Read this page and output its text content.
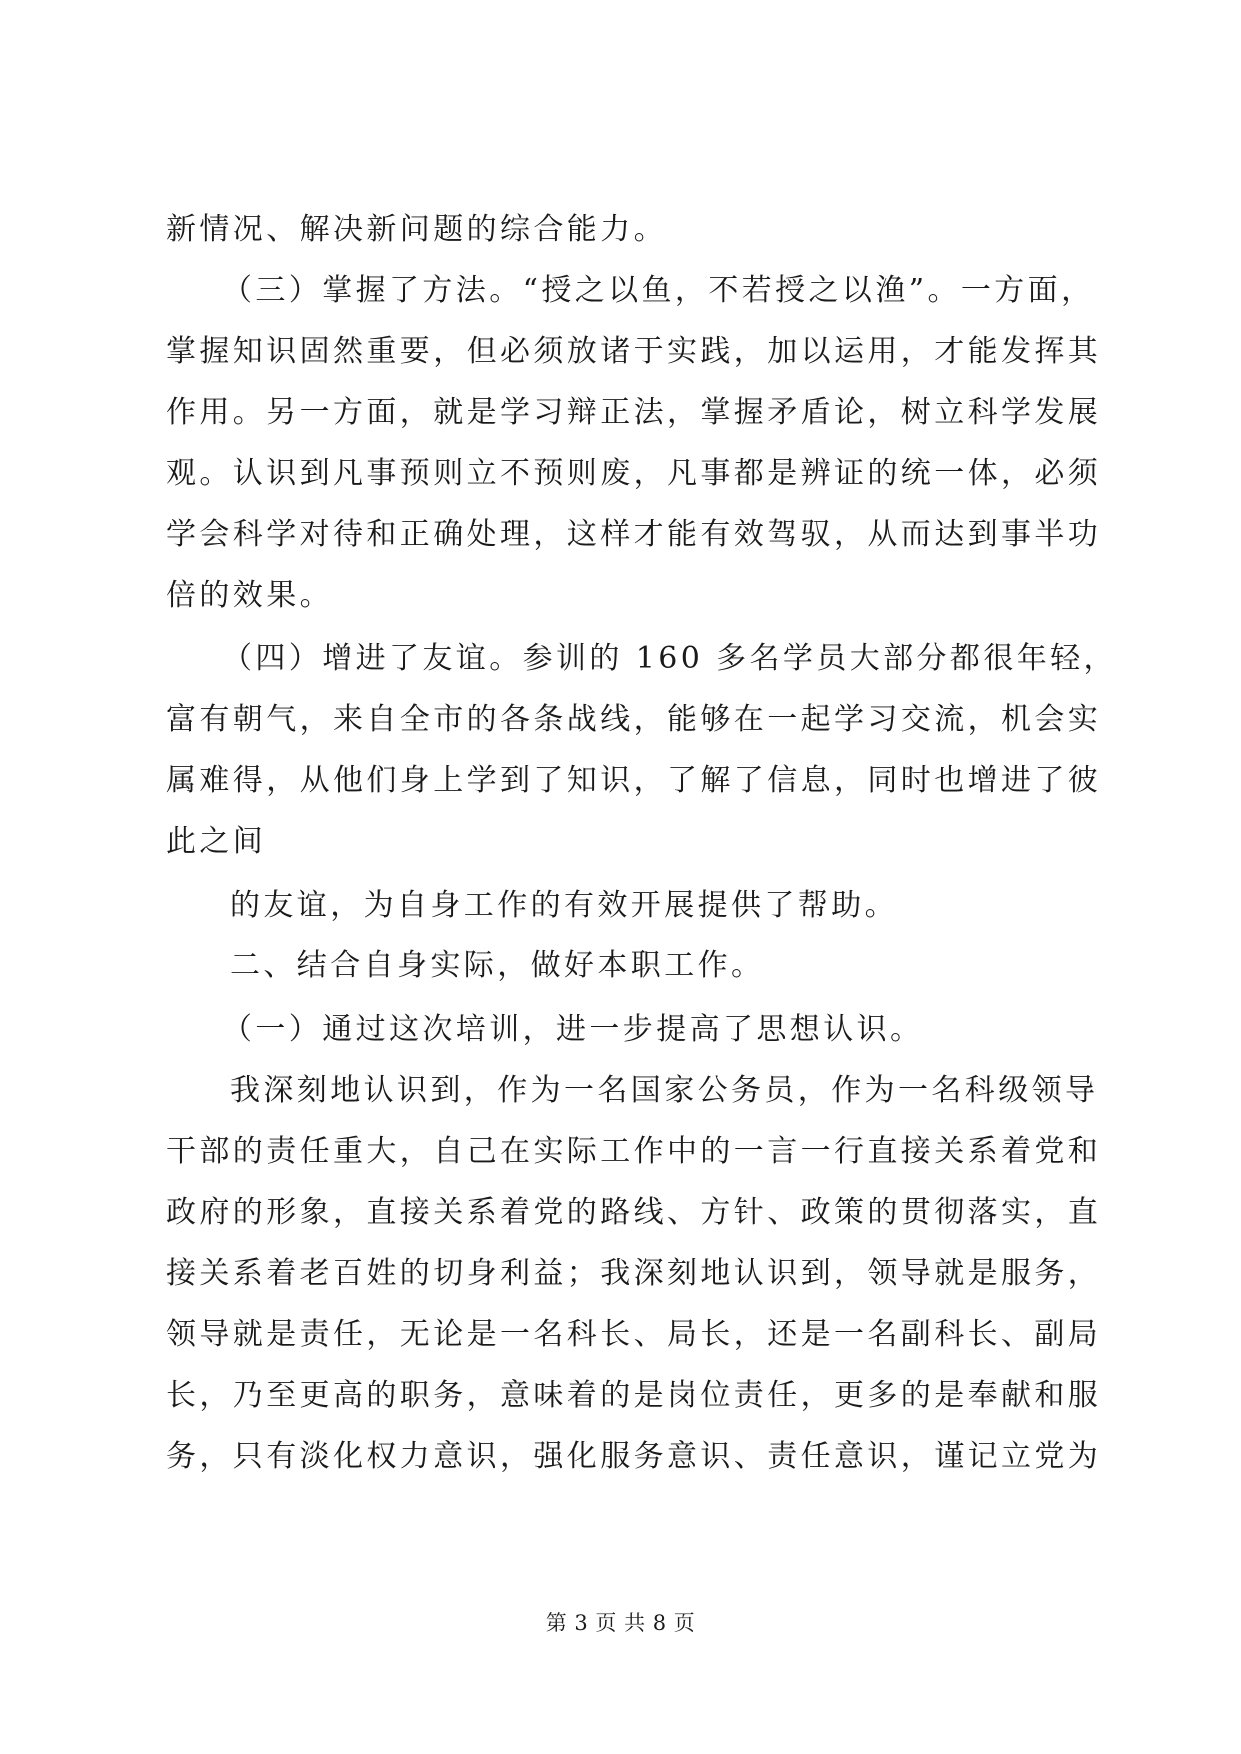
新情况、解决新问题的综合能力。
（三）掌握了方法。“授之以鱼，不若授之以渔”。一方面，
掌握知识固然重要，但必须放诸于实践，加以运用，才能发挥其
作用。另一方面，就是学习辩正法，掌握矛盾论，树立科学发展
观。认识到凡事预则立不预则废，凡事都是辨证的统一体，必须
学会科学对待和正确处理，这样才能有效驾驭，从而达到事半功
倍的效果。
（四）增进了友谊。参训的 160 多名学员大部分都很年轻，
富有朝气，来自全市的各条战线，能够在一起学习交流，机会实
属难得，从他们身上学到了知识，了解了信息，同时也增进了彼
此之间
的友谊，为自身工作的有效开展提供了帮助。
二、结合自身实际，做好本职工作。
（一）通过这次培训，进一步提高了思想认识。
我深刻地认识到，作为一名国家公务员，作为一名科级领导
干部的责任重大，自己在实际工作中的一言一行直接关系着党和
政府的形象，直接关系着党的路线、方针、政策的贯彻落实，直
接关系着老百姓的切身利益；我深刻地认识到，领导就是服务，
领导就是责任，无论是一名科长、局长，还是一名副科长、副局
长，乃至更高的职务，意味着的是岗位责任，更多的是奉献和服
务，只有淡化权力意识，强化服务意识、责任意识，谨记立党为
第 3 页 共 8 页
